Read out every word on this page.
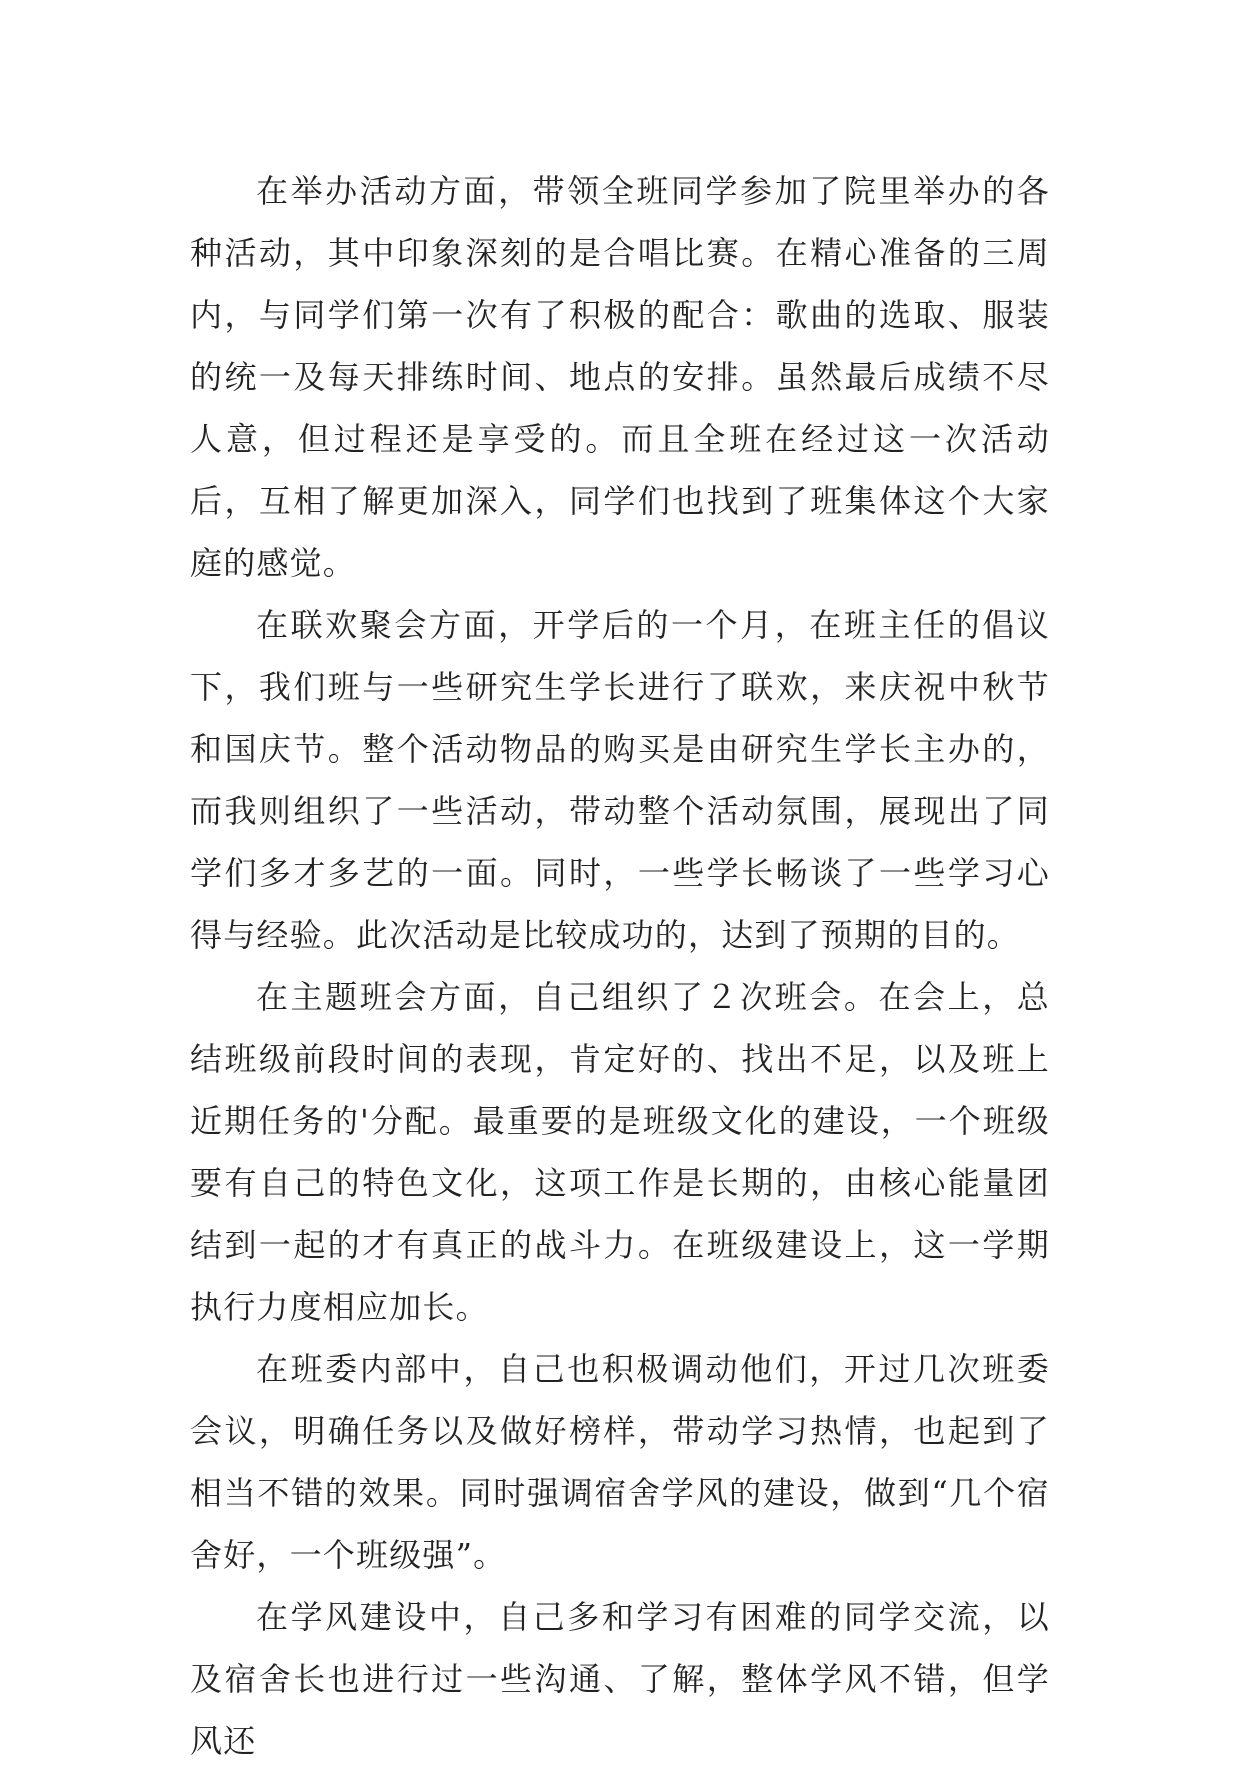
在举办活动方面，带领全班同学参加了院里举办的各种活动，其中印象深刻的是合唱比赛。在精心准备的三周内，与同学们第一次有了积极的配合：歌曲的选取、服装的统一及每天排练时间、地点的安排。虽然最后成绩不尽人意，但过程还是享受的。而且全班在经过这一次活动后，互相了解更加深入，同学们也找到了班集体这个大家庭的感觉。

在联欢聚会方面，开学后的一个月，在班主任的倡议下，我们班与一些研究生学长进行了联欢，来庆祝中秋节和国庆节。整个活动物品的购买是由研究生学长主办的，而我则组织了一些活动，带动整个活动氛围，展现出了同学们多才多艺的一面。同时，一些学长畅谈了一些学习心得与经验。此次活动是比较成功的，达到了预期的目的。

在主题班会方面，自己组织了２次班会。在会上，总结班级前段时间的表现，肯定好的、找出不足，以及班上近期任务的'分配。最重要的是班级文化的建设，一个班级要有自己的特色文化，这项工作是长期的，由核心能量团结到一起的才有真正的战斗力。在班级建设上，这一学期执行力度相应加长。

在班委内部中，自己也积极调动他们，开过几次班委会议，明确任务以及做好榜样，带动学习热情，也起到了相当不错的效果。同时强调宿舍学风的建设，做到“几个宿舍好，一个班级强”。

在学风建设中，自己多和学习有困难的同学交流，以及宿舍长也进行过一些沟通、了解，整体学风不错，但学风还
